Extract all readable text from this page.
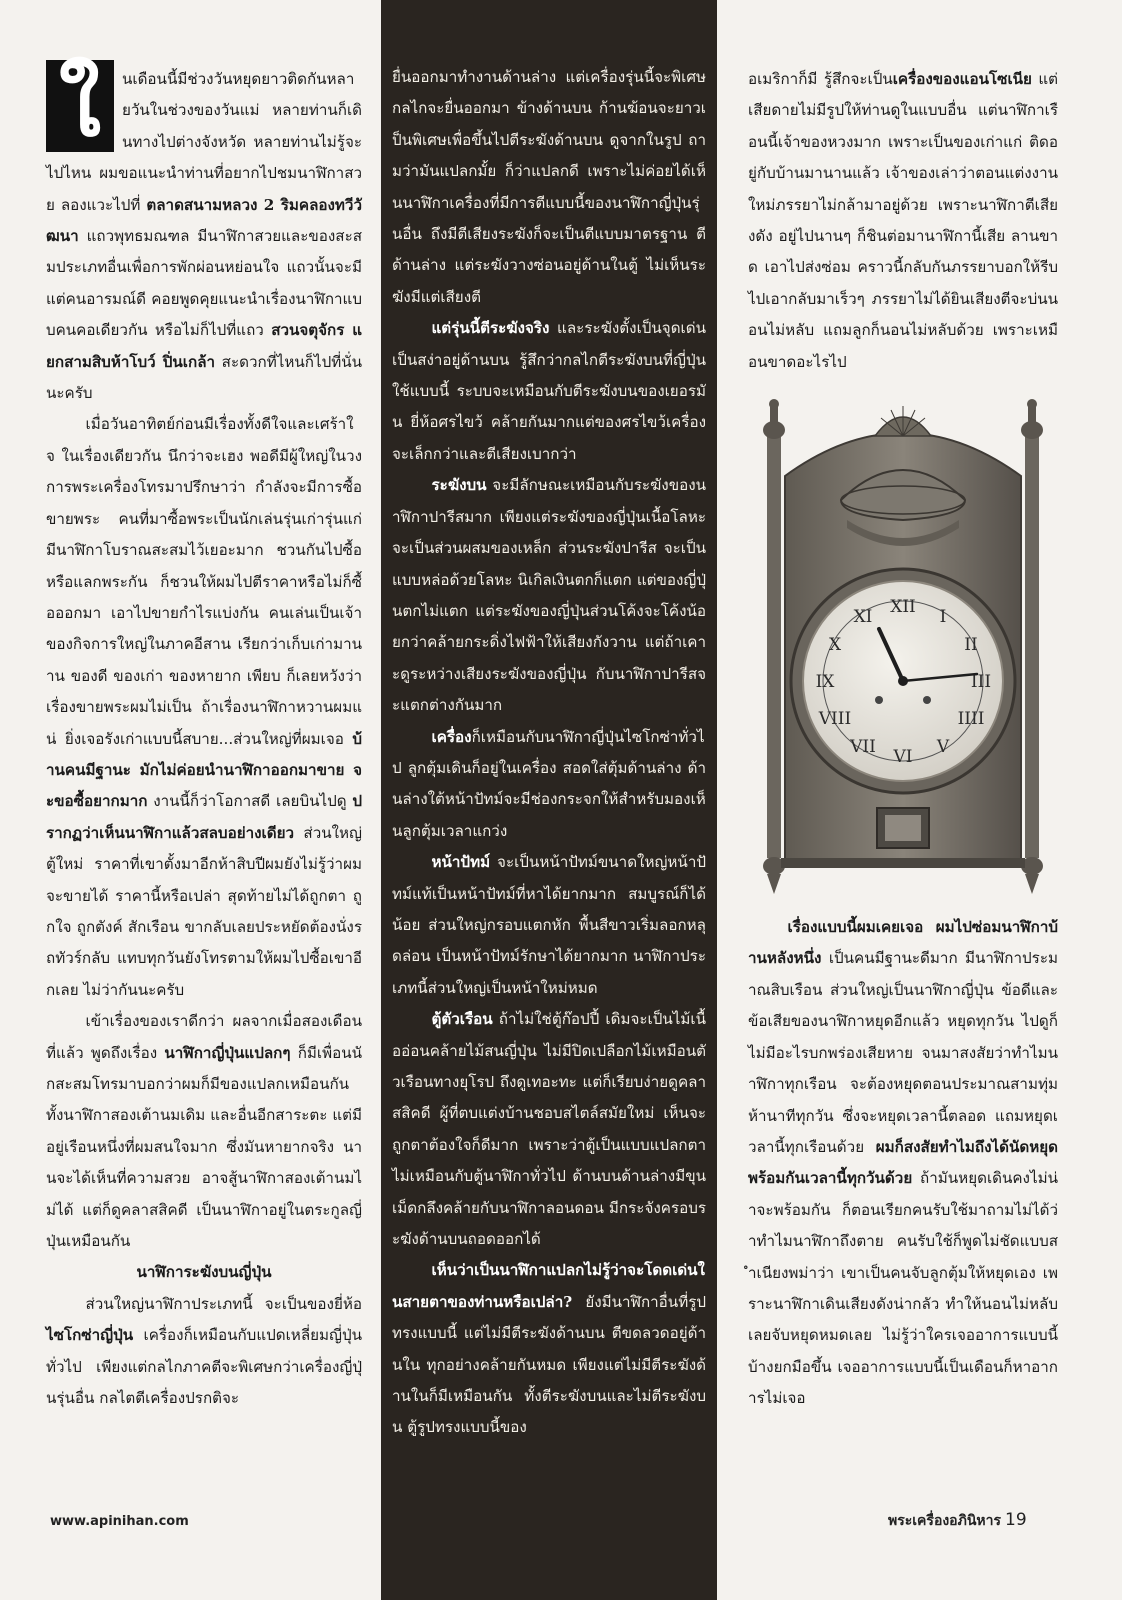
ใ	นเดือนนี้มีช่วงวันหยุดยาวติดกันหลายวันในช่วงของวันแม่ หลายท่านก็เดินทางไปต่างจังหวัด หลายท่านไม่รู้จะไปไหน ผมขอแนะนำท่านที่อยากไปชมนาฬิกาสวย ลองแวะไปที่ ตลาดสนามหลวง 2 ริมคลองทวีวัฒนา แถวพุทธมณฑล มีนาฬิกาสวยและของสะสมประเภทอื่นเพื่อการพักผ่อนหย่อนใจ แถวนั้นจะมีแต่คนอารมณ์ดี คอยพูดคุยแนะนำเรื่องนาฬิกาแบบคนคอเดียวกัน หรือไม่ก็ไปที่แถว สวนจตุจักร แยกสามสิบห้าโบว์ ปิ่นเกล้า สะดวกที่ไหนก็ไปที่นั่นนะครับ

เมื่อวันอาทิตย์ก่อนมีเรื่องทั้งดีใจและเศร้าใจ ในเรื่องเดียวกัน นึกว่าจะเฮง พอดีมีผู้ใหญ่ในวงการพระเครื่องโทรมาปรึกษาว่า กำลังจะมีการซื้อขายพระ คนที่มาซื้อพระเป็นนักเล่นรุ่นเก่ารุ่นแก่ มีนาฬิกาโบราณสะสมไว้เยอะมาก ชวนกันไปซื้อหรือแลกพระกัน ก็ชวนให้ผมไปตีราคาหรือไม่ก็ซื้อออกมา เอาไปขายกำไรแบ่งกัน คนเล่นเป็นเจ้าของกิจการใหญ่ในภาคอีสาน เรียกว่าเก็บเก่ามานาน ของดี ของเก่า ของหายาก เพียบ ก็เลยหวังว่าเรื่องขายพระผมไม่เป็น ถ้าเรื่องนาฬิกาหวานผมแน่ ยิ่งเจอรังเก่าแบบนี้สบาย...ส่วนใหญ่ที่ผมเจอ บ้านคนมีฐานะ มักไม่ค่อยนำนาฬิกาออกมาขาย จะขอซื้อยากมาก งานนี้ก็ว่าโอกาสดี เลยบินไปดู ปรากฏว่าเห็นนาฬิกาแล้วสลบอย่างเดียว ส่วนใหญ่ตู้ใหม่ ราคาที่เขาตั้งมาอีกห้าสิบปีผมยังไม่รู้ว่าผมจะขายได้ ราคานี้หรือเปล่า สุดท้ายไม่ได้ถูกตา ถูกใจ ถูกตังค์ สักเรือน ขากลับเลยประหยัดต้องนั่งรถทัวร์กลับ แทบทุกวันยังโทรตามให้ผมไปซื้อเขาอีกเลย ไม่ว่ากันนะครับ

เข้าเรื่องของเราดีกว่า ผลจากเมื่อสองเดือนที่แล้ว พูดถึงเรื่อง นาฬิกาญี่ปุ่นแปลกๆ ก็มีเพื่อนนักสะสมโทรมาบอกว่าผมก็มีของแปลกเหมือนกัน ทั้งนาฬิกาสองเต้านมเดิม และอื่นอีกสาระตะ แต่มีอยู่เรือนหนึ่งที่ผมสนใจมาก ซึ่งมันหายากจริง นานจะได้เห็นที่ความสวย อาจสู้นาฬิกาสองเต้านมไม่ได้ แต่ก็ดูคลาสสิคดี เป็นนาฬิกาอยู่ในตระกูลญี่ปุ่นเหมือนกัน

นาฬิการะฆังบนญี่ปุ่น

ส่วนใหญ่นาฬิกาประเภทนี้ จะเป็นของยี่ห้อ ไซโกซ่าญี่ปุ่น เครื่องก็เหมือนกับแปดเหลี่ยมญี่ปุ่นทั่วไป เพียงแต่กลไกภาคตีจะพิเศษกว่าเครื่องญี่ปุ่นรุ่นอื่น กลไตตีเครื่องปรกติจะ

ยื่นออกมาทำงานด้านล่าง แต่เครื่องรุ่นนี้จะพิเศษกลไกจะยื่นออกมา ข้างด้านบน ก้านฆ้อนจะยาวเป็นพิเศษเพื่อขึ้นไปตีระฆังด้านบน ดูจากในรูป ถามว่ามันแปลกมั้ย ก็ว่าแปลกดี เพราะไม่ค่อยได้เห็นนาฬิกาเครื่องที่มีการตีแบบนี้ของนาฬิกาญี่ปุ่นรุ่นอื่น ถึงมีตีเสียงระฆังก็จะเป็นตีแบบมาตรฐาน ตีด้านล่าง แต่ระฆังวางซ่อนอยู่ด้านในตู้ ไม่เห็นระฆังมีแต่เสียงตี

แต่รุ่นนี้ตีระฆังจริง และระฆังตั้งเป็นจุดเด่นเป็นสง่าอยู่ด้านบน รู้สึกว่ากลไกตีระฆังบนที่ญี่ปุ่นใช้แบบนี้ ระบบจะเหมือนกับตีระฆังบนของเยอรมัน ยี่ห้อศรไขว้ คล้ายกันมากแต่ของศรไขว้เครื่องจะเล็กกว่าและตีเสียงเบากว่า

ระฆังบน จะมีลักษณะเหมือนกับระฆังของนาฬิกาปารีสมาก เพียงแต่ระฆังของญี่ปุ่นเนื้อโลหะจะเป็นส่วนผสมของเหล็ก ส่วนระฆังปารีส จะเป็นแบบหล่อด้วยโลหะ นิเกิลเงินตกก็แตก แต่ของญี่ปุ่นตกไม่แตก แต่ระฆังของญี่ปุ่นส่วนโค้งจะโค้งน้อยกว่าคล้ายกระดิ่งไฟฟ้าให้เสียงกังวาน แต่ถ้าเคาะดูระหว่างเสียงระฆังของญี่ปุ่น กับนาฬิกาปารีสจะแตกต่างกันมาก

เครื่องก็เหมือนกับนาฬิกาญี่ปุ่นไซโกซ่าทั่วไป ลูกตุ้มเดินก็อยู่ในเครื่อง สอดใส่ตุ้มด้านล่าง ด้านล่างใต้หน้าปัทม์จะมีช่องกระจกให้สำหรับมองเห็นลูกตุ้มเวลาแกว่ง

หน้าปัทม์ จะเป็นหน้าปัทม์ขนาดใหญ่หน้าปัทม์แท้เป็นหน้าปัทม์ที่หาได้ยากมาก สมบูรณ์ก็ได้น้อย ส่วนใหญ่กรอบแตกหัก พื้นสีขาวเริ่มลอกหลุดล่อน เป็นหน้าปัทม์รักษาได้ยากมาก นาฬิกาประเภทนี้ส่วนใหญ่เป็นหน้าใหม่หมด

ตู้ตัวเรือน ถ้าไม่ใช่ตู้ก๊อปปี้ เดิมจะเป็นไม้เนื้ออ่อนคล้ายไม้สนญี่ปุ่น ไม่มีปิดเปลือกไม้เหมือนตัวเรือนทางยุโรป ถึงดูเทอะทะ แต่ก็เรียบง่ายดูคลาสสิคดี ผู้ที่ตบแต่งบ้านชอบสไตล์สมัยใหม่ เห็นจะถูกตาต้องใจก็ดีมาก เพราะว่าตู้เป็นแบบแปลกตาไม่เหมือนกับตู้นาฬิกาทั่วไป ด้านบนด้านล่างมีขุนเม็ดกลึงคล้ายกับนาฬิกาลอนดอน มีกระจังครอบระฆังด้านบนถอดออกได้

เห็นว่าเป็นนาฬิกาแปลกไม่รู้ว่าจะโดดเด่นในสายตาของท่านหรือเปล่า? ยังมีนาฬิกาอื่นที่รูปทรงแบบนี้ แต่ไม่มีตีระฆังด้านบน ตีขดลวดอยู่ด้านใน ทุกอย่างคล้ายกันหมด เพียงแต่ไม่มีตีระฆังด้านในก็มีเหมือนกัน ทั้งตีระฆังบนและไม่ตีระฆังบน ตู้รูปทรงแบบนี้ของ

อเมริกาก็มี รู้สึกจะเป็นเครื่องของแอนโซเนีย แต่เสียดายไม่มีรูปให้ท่านดูในแบบอื่น แต่นาฬิกาเรือนนี้เจ้าของหวงมาก เพราะเป็นของเก่าแก่ ติดอยู่กับบ้านมานานแล้ว เจ้าของเล่าว่าตอนแต่งงานใหม่ภรรยาไม่กล้ามาอยู่ด้วย เพราะนาฬิกาตีเสียงดัง อยู่ไปนานๆ ก็ชินต่อมานาฬิกานี้เสีย ลานขาด เอาไปส่งซ่อม คราวนี้กลับกันภรรยาบอกให้รีบไปเอากลับมาเร็วๆ ภรรยาไม่ได้ยินเสียงตีจะบ่นนอนไม่หลับ แถมลูกก็นอนไม่หลับด้วย เพราะเหมือนขาดอะไรไป

XII I
II
III
IIII
V
VI
VII
VIII
IX
X
XI

เรื่องแบบนี้ผมเคยเจอ ผมไปซ่อมนาฬิกาบ้านหลังหนึ่ง เป็นคนมีฐานะดีมาก มีนาฬิกาประมาณสิบเรือน ส่วนใหญ่เป็นนาฬิกาญี่ปุ่น ข้อดีและข้อเสียของนาฬิกาหยุดอีกแล้ว หยุดทุกวัน ไปดูก็ไม่มีอะไรบกพร่องเสียหาย จนมาสงสัยว่าทำไมนาฬิกาทุกเรือน จะต้องหยุดตอนประมาณสามทุ่มห้านาทีทุกวัน ซึ่งจะหยุดเวลานี้ตลอด แถมหยุดเวลานี้ทุกเรือนด้วย ผมก็สงสัยทำไมถึงได้นัดหยุดพร้อมกันเวลานี้ทุกวันด้วย ถ้ามันหยุดเดินคงไม่น่าจะพร้อมกัน ก็ตอนเรียกคนรับใช้มาถามไม่ได้ว่าทำไมนาฬิกาถึงตาย คนรับใช้ก็พูดไม่ชัดแบบสำเนียงพม่าว่า เขาเป็นคนจับลูกตุ้มให้หยุดเอง เพราะนาฬิกาเดินเสียงดังน่ากลัว ทำให้นอนไม่หลับ เลยจับหยุดหมดเลย ไม่รู้ว่าใครเจออาการแบบนี้บ้างยกมือขึ้น เจออาการแบบนี้เป็นเดือนก็หาอาการไม่เจอ

www.apinihan.com	พระเครื่องอภินิหาร 19
